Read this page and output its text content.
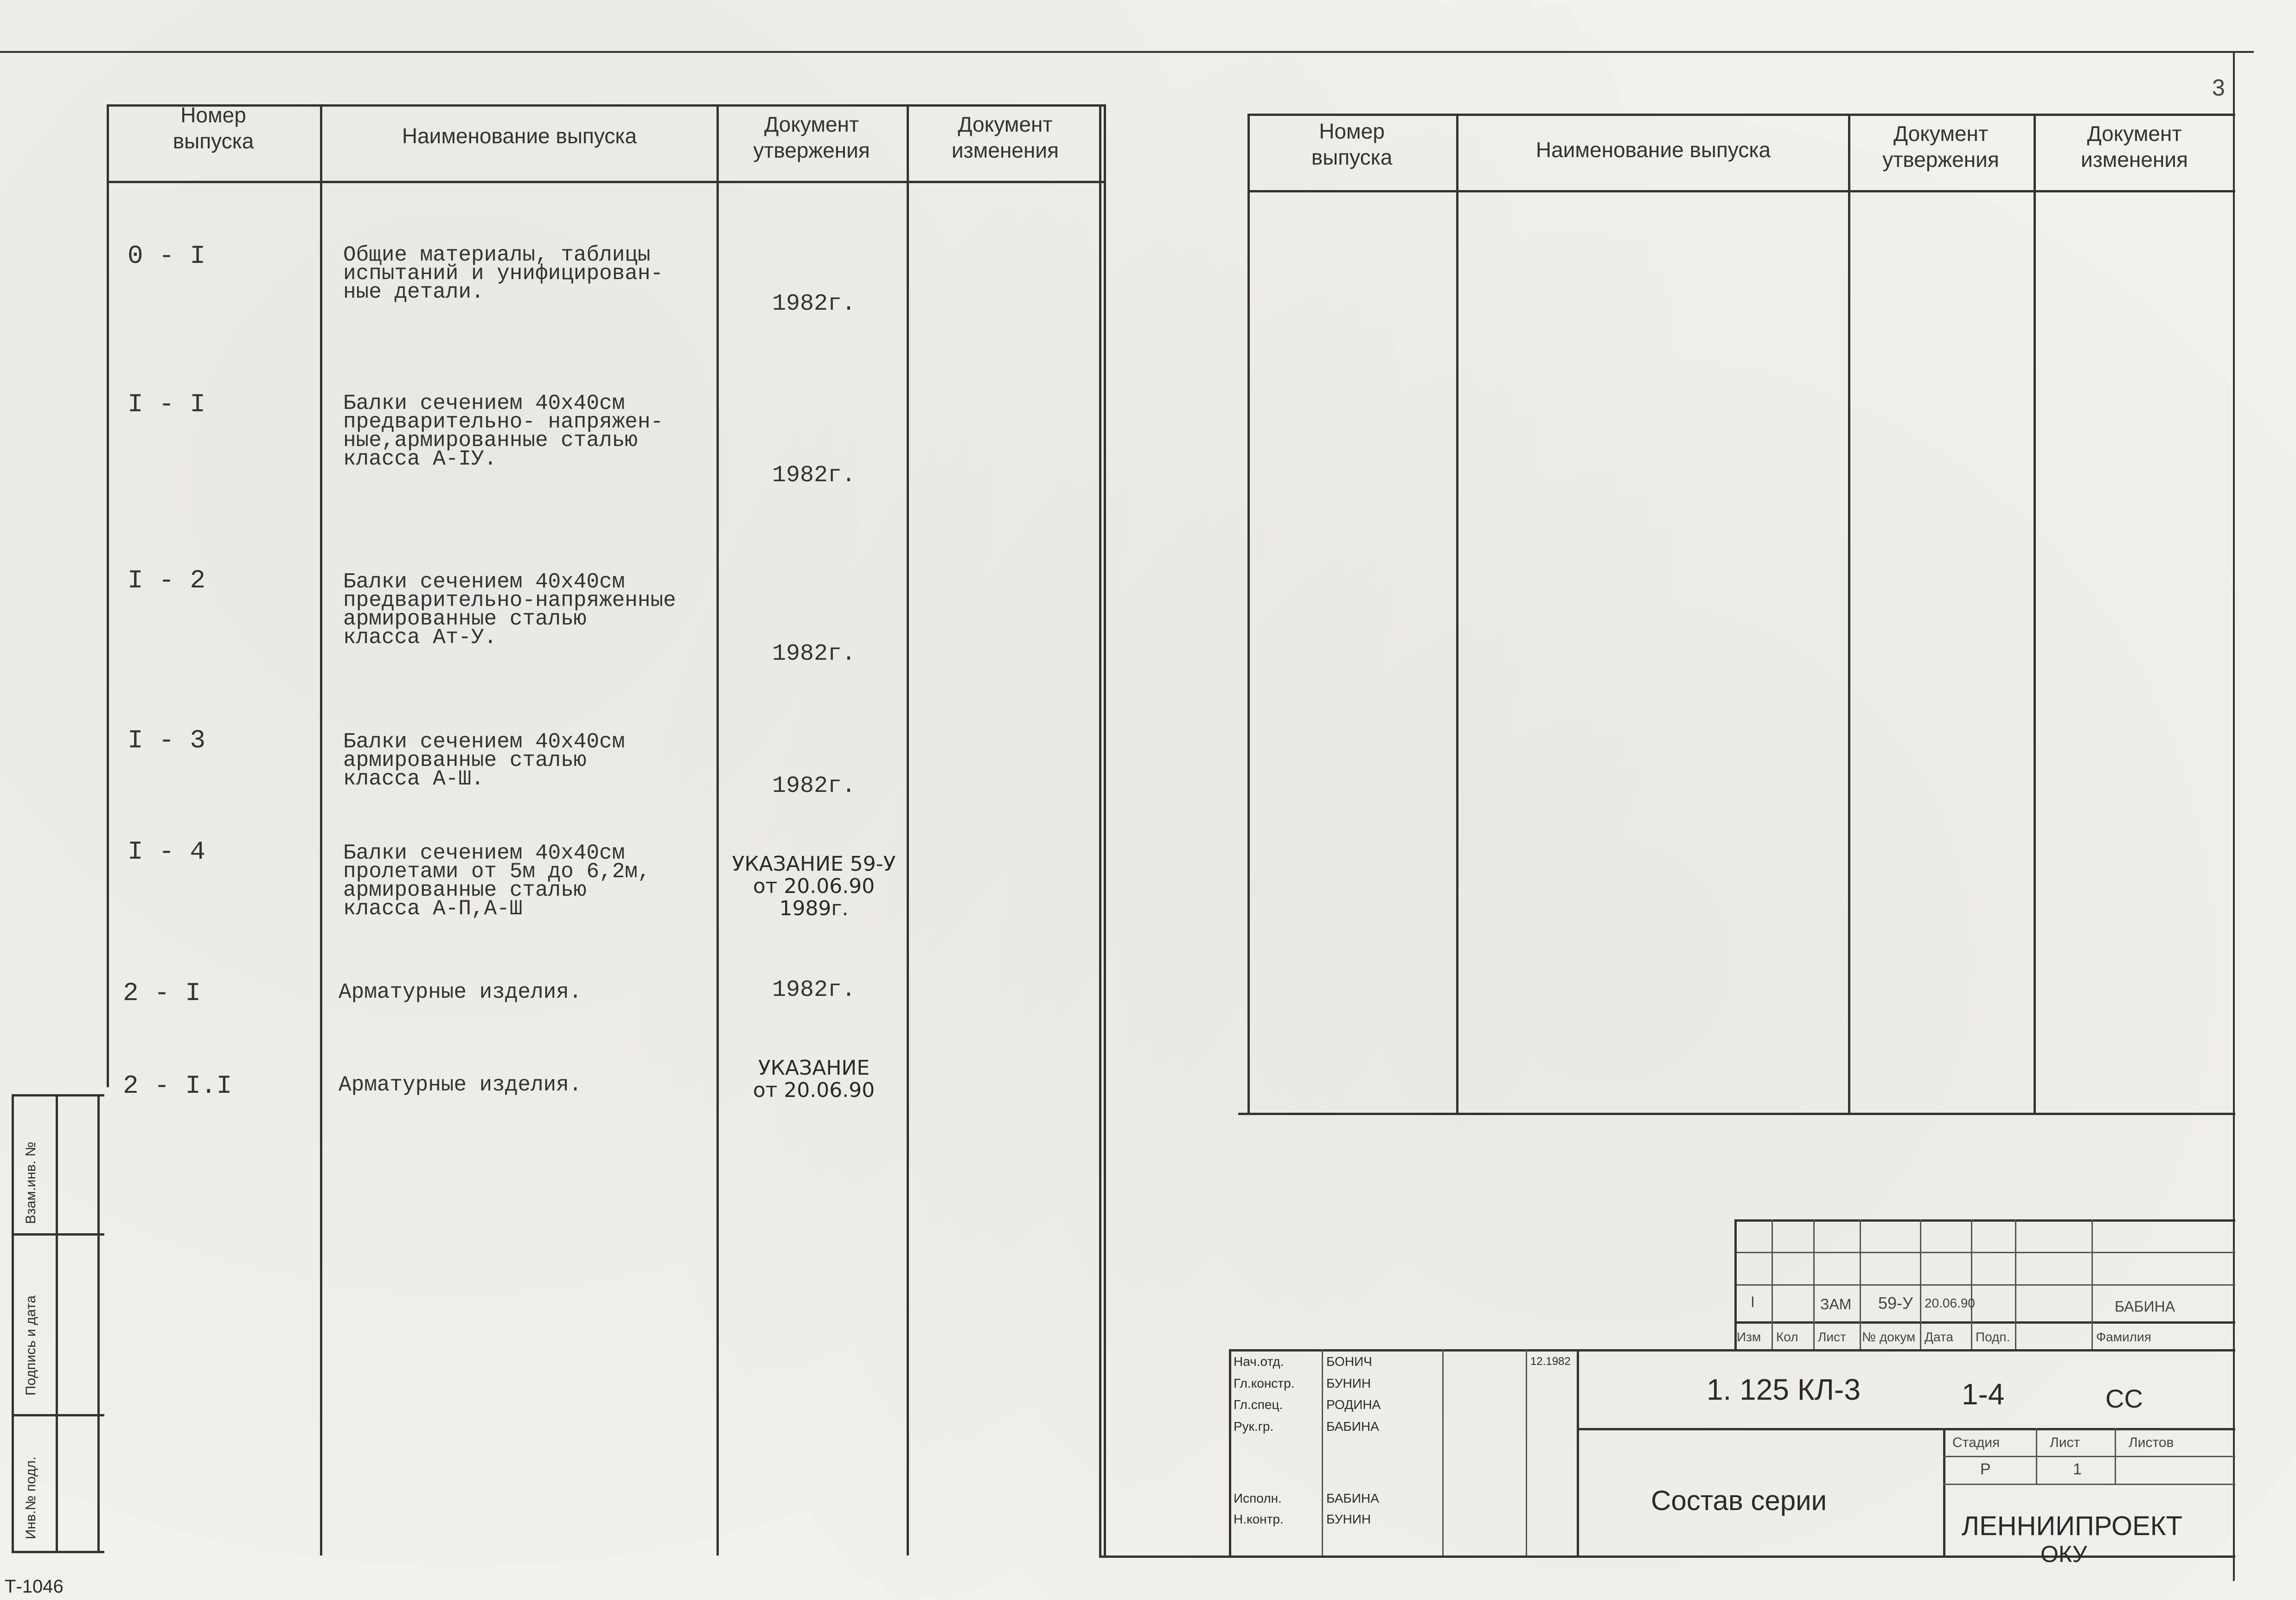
3
Номер
выпуска	Наименование выпуска	Документ
утвержения
Документ
изменения
0 - I	Общие материалы, таблицы
испытаний и унифицирован-
ные детали.	1982г.
I - I	Балки сечением 40х40см
предварительно- напряжен-
ные,армированные сталью
класса А-IУ.
1982г.
I - 2	Балки сечением 40х40см
предварительно-напряженные
армированные сталью
класса Ат-У.
1982г.
I - 3	Балки сечением 40х40см
армированные сталью
класса А-Ш.	1982г.
I - 4	Балки сечением 40х40см
пролетами от 5м до 6,2м,
армированные сталью
класса А-П,А-Ш
УКАЗАНИЕ 59-У
от 20.06.90
1989г.
2 - I	Арматурные изделия.	1982г.
2 - I.I	Арматурные изделия.
УКАЗАНИЕ
от 20.06.90
Взам.инв. №
Подпись и дата
Инв.№ подл.
Номер
выпуска	Наименование выпуска
Документ
утвержения
Документ
изменения
I	ЗАМ 59-У 20.06.90	БАБИНА
Изм Кол Лист № докум Дата Подп.	Фамилия
Нач.отд.	БОНИЧ	12.1982
Гл.констр. БУНИН
Гл.спец.	РОДИНА
Рук.гр.	БАБИНА
Исполн.	БАБИНА
Н.контр.	БУНИН
1. 125 КЛ-3	1-4	СС
Стадия	Лист	Листов
Р	1
Состав серии
ЛЕННИИПРОЕКТ
ОКУ
Т-1046
